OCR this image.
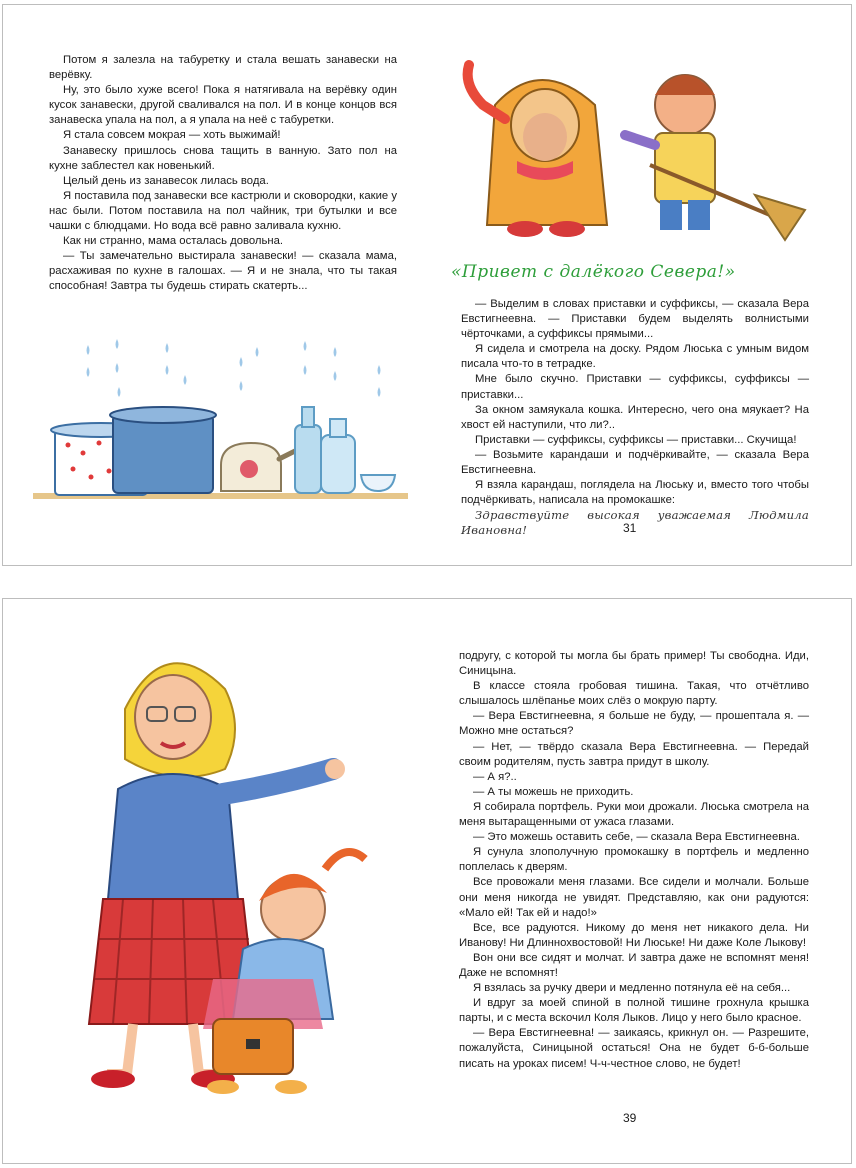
Потом я залезла на табуретку и стала вешать занавески на верёвку.

Ну, это было хуже всего! Пока я натягивала на верёвку один кусок занавески, другой сваливался на пол. И в конце концов вся занавеска упала на пол, а я упала на неё с табуретки.

Я стала совсем мокрая — хоть выжимай!

Занавеску пришлось снова тащить в ванную. Зато пол на кухне заблестел как новенький.

Целый день из занавесок лилась вода.

Я поставила под занавески все кастрюли и сковородки, какие у нас были. Потом поставила на пол чайник, три бутылки и все чашки с блюдцами. Но вода всё равно заливала кухню.

Как ни странно, мама осталась довольна.

— Ты замечательно выстирала занавески! — сказала мама, расхаживая по кухне в галошах. — Я и не знала, что ты такая способная! Завтра ты будешь стирать скатерть...

«Привет с далёкого Севера!»

— Выделим в словах приставки и суффиксы, — сказала Вера Евстигнеевна. — Приставки будем выделять волнистыми чёрточками, а суффиксы прямыми...

Я сидела и смотрела на доску. Рядом Люська с умным видом писала что-то в тетрадке.

Мне было скучно. Приставки — суффиксы, суффиксы — приставки...

За окном замяукала кошка. Интересно, чего она мяукает? На хвост ей наступили, что ли?..

Приставки — суффиксы, суффиксы — приставки... Скучища!

— Возьмите карандаши и подчёркивайте, — сказала Вера Евстигнеевна.

Я взяла карандаш, поглядела на Люську и, вместо того чтобы подчёркивать, написала на промокашке:

Здравствуйте высокая уважаемая Людмила Ивановна!	31

подругу, с которой ты могла бы брать пример! Ты свободна. Иди, Синицына.

В классе стояла гробовая тишина. Такая, что отчётливо слышалось шлёпанье моих слёз о мокрую парту.

— Вера Евстигнеевна, я больше не буду, — прошептала я. — Можно мне остаться?

— Нет, — твёрдо сказала Вера Евстигнеевна. — Передай своим родителям, пусть завтра придут в школу.

— А я?..

— А ты можешь не приходить.

Я собирала портфель. Руки мои дрожали. Люська смотрела на меня вытаращенными от ужаса глазами.

— Это можешь оставить себе, — сказала Вера Евстигнеевна.

Я сунула злополучную промокашку в портфель и медленно поплелась к дверям.

Все провожали меня глазами. Все сидели и молчали. Больше они меня никогда не увидят. Представляю, как они радуются: «Мало ей! Так ей и надо!»

Все, все радуются. Никому до меня нет никакого дела. Ни Иванову! Ни Длиннохвостовой! Ни Люське! Ни даже Коле Лыкову!

Вон они все сидят и молчат. И завтра даже не вспомнят меня! Даже не вспомнят!

Я взялась за ручку двери и медленно потянула её на себя...

И вдруг за моей спиной в полной тишине грохнула крышка парты, и с места вскочил Коля Лыков. Лицо у него было красное.

— Вера Евстигнеевна! — заикаясь, крикнул он. — Разрешите, пожалуйста, Синицыной остаться! Она не будет б-б-больше писать на уроках писем! Ч-ч-честное слово, не будет!

39
